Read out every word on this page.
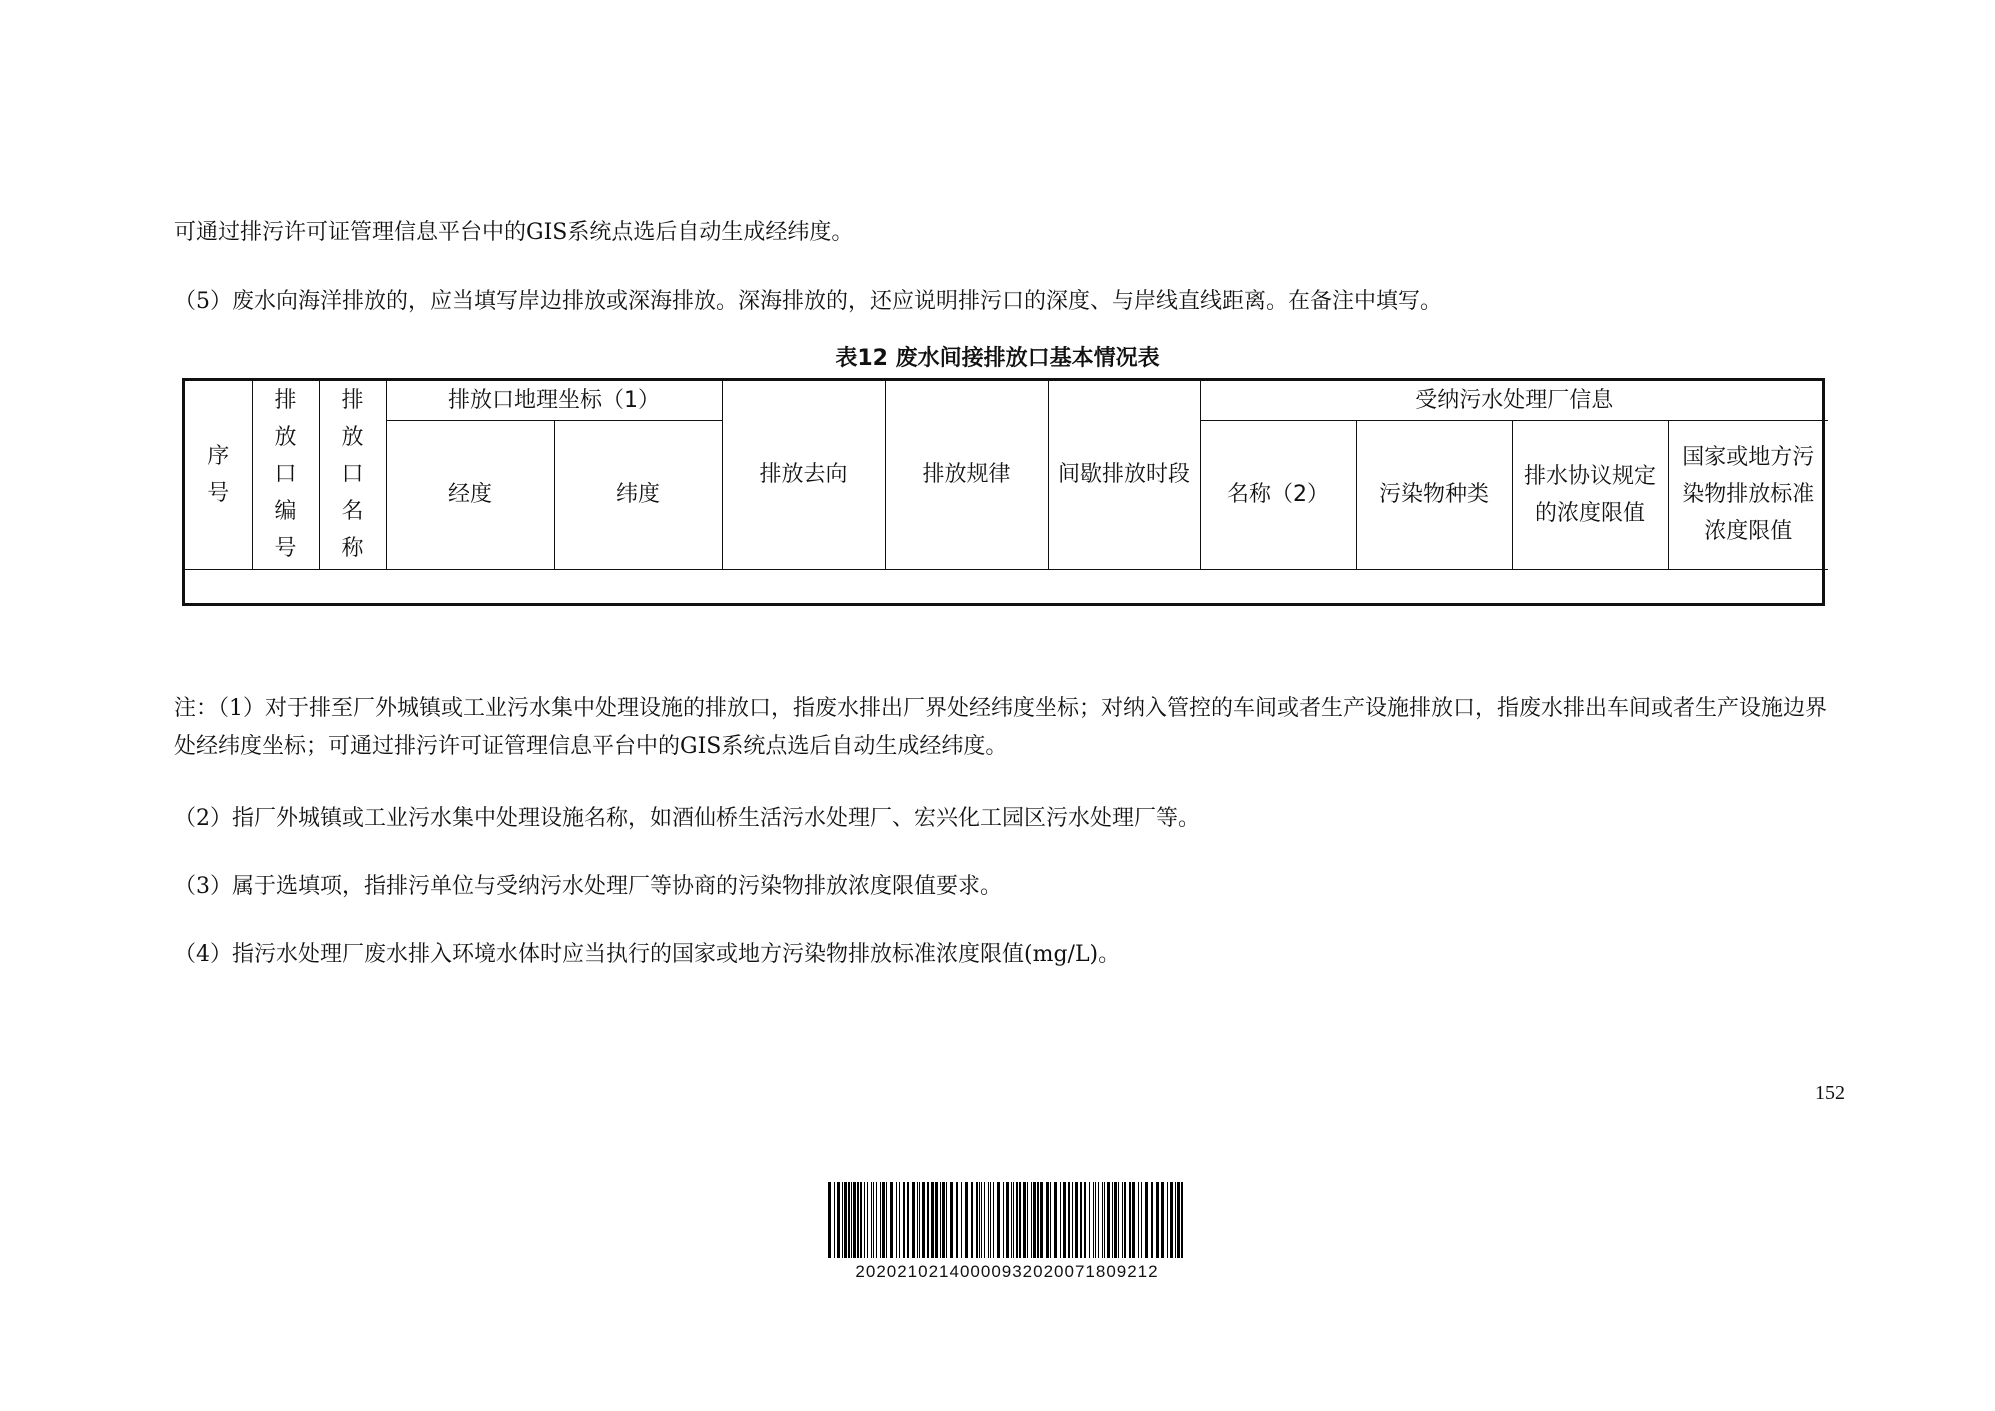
可通过排污许可证管理信息平台中的GIS系统点选后自动生成经纬度。
（5）废水向海洋排放的，应当填写岸边排放或深海排放。深海排放的，还应说明排污口的深度、与岸线直线距离。在备注中填写。
表12 废水间接排放口基本情况表
序号	排放口编号	排放口名称	排放口地理坐标（1）		排放去向	排放规律	间歇排放时段	受纳污水处理厂信息			
			经度	纬度				名称（2）	污染物种类	排水协议规定的浓度限值	国家或地方污染物排放标准浓度限值

注：（1）对于排至厂外城镇或工业污水集中处理设施的排放口，指废水排出厂界处经纬度坐标；对纳入管控的车间或者生产设施排放口，指废水排出车间或者生产设施边界处经纬度坐标；可通过排污许可证管理信息平台中的GIS系统点选后自动生成经纬度。
（2）指厂外城镇或工业污水集中处理设施名称，如酒仙桥生活污水处理厂、宏兴化工园区污水处理厂等。
（3）属于选填项，指排污单位与受纳污水处理厂等协商的污染物排放浓度限值要求。
（4）指污水处理厂废水排入环境水体时应当执行的国家或地方污染物排放标准浓度限值(mg/L)。
152
20202102140000932020071809212
